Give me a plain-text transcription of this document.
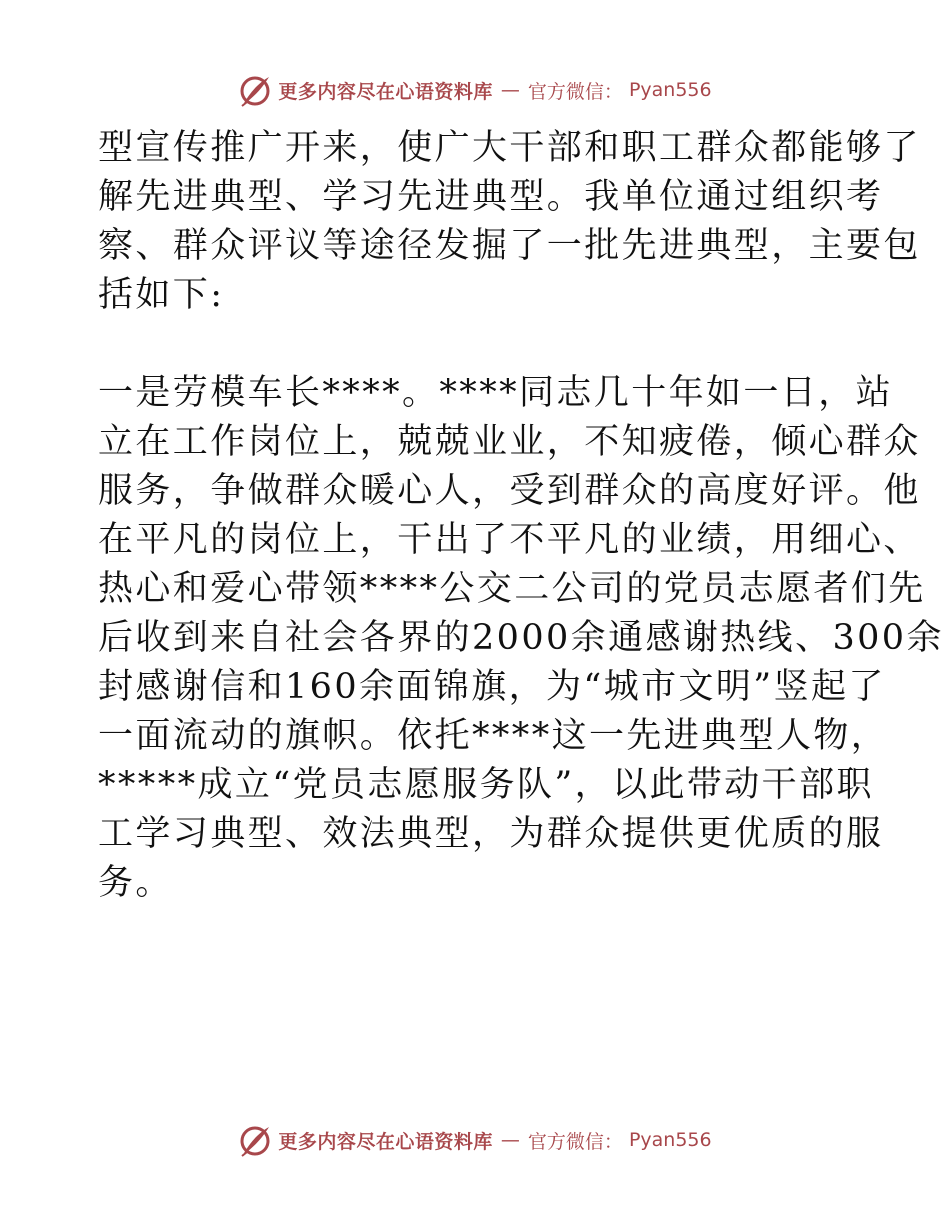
更多内容尽在心语资料库 — 官方微信： Pyan556
型宣传推广开来，使广大干部和职工群众都能够了
解先进典型、学习先进典型。我单位通过组织考
察、群众评议等途径发掘了一批先进典型，主要包
括如下:
一是劳模车长****。****同志几十年如一日，站
立在工作岗位上，兢兢业业，不知疲倦，倾心群众
服务，争做群众暖心人，受到群众的高度好评。他
在平凡的岗位上，干出了不平凡的业绩，用细心、
热心和爱心带领****公交二公司的党员志愿者们先
后收到来自社会各界的2000余通感谢热线、300余
封感谢信和160余面锦旗，为“城市文明”竖起了
一面流动的旗帜。依托****这一先进典型人物，
*****成立“党员志愿服务队”，以此带动干部职
工学习典型、效法典型，为群众提供更优质的服
务。
更多内容尽在心语资料库 — 官方微信： Pyan556
